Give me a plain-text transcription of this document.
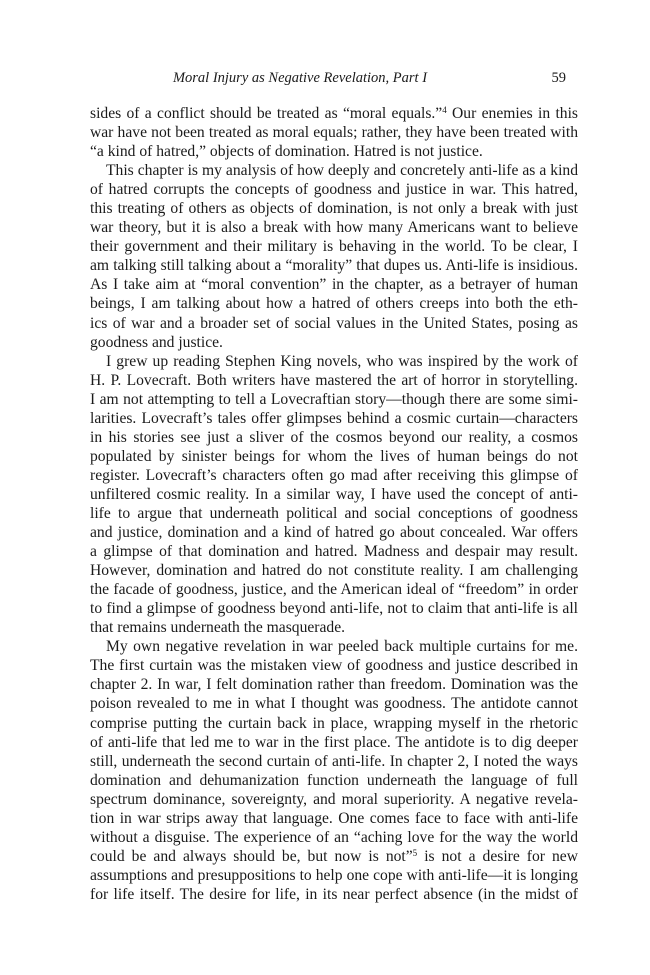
Moral Injury as Negative Revelation, Part I	59
sides of a conflict should be treated as “moral equals.”$^4$ Our enemies in this
war have not been treated as moral equals; rather, they have been treated with
“a kind of hatred,” objects of domination. Hatred is not justice.
This chapter is my analysis of how deeply and concretely anti-life as a kind
of hatred corrupts the concepts of goodness and justice in war. This hatred,
this treating of others as objects of domination, is not only a break with just
war theory, but it is also a break with how many Americans want to believe
their government and their military is behaving in the world. To be clear, I
am talking still talking about a “morality” that dupes us. Anti-life is insidious.
As I take aim at “moral convention” in the chapter, as a betrayer of human
beings, I am talking about how a hatred of others creeps into both the eth-
ics of war and a broader set of social values in the United States, posing as
goodness and justice.
I grew up reading Stephen King novels, who was inspired by the work of
H. P. Lovecraft. Both writers have mastered the art of horror in storytelling.
I am not attempting to tell a Lovecraftian story—though there are some simi-
larities. Lovecraft’s tales offer glimpses behind a cosmic curtain—characters
in his stories see just a sliver of the cosmos beyond our reality, a cosmos
populated by sinister beings for whom the lives of human beings do not
register. Lovecraft’s characters often go mad after receiving this glimpse of
unfiltered cosmic reality. In a similar way, I have used the concept of anti-
life to argue that underneath political and social conceptions of goodness
and justice, domination and a kind of hatred go about concealed. War offers
a glimpse of that domination and hatred. Madness and despair may result.
However, domination and hatred do not constitute reality. I am challenging
the facade of goodness, justice, and the American ideal of “freedom” in order
to find a glimpse of goodness beyond anti-life, not to claim that anti-life is all
that remains underneath the masquerade.
My own negative revelation in war peeled back multiple curtains for me.
The first curtain was the mistaken view of goodness and justice described in
chapter 2. In war, I felt domination rather than freedom. Domination was the
poison revealed to me in what I thought was goodness. The antidote cannot
comprise putting the curtain back in place, wrapping myself in the rhetoric
of anti-life that led me to war in the first place. The antidote is to dig deeper
still, underneath the second curtain of anti-life. In chapter 2, I noted the ways
domination and dehumanization function underneath the language of full
spectrum dominance, sovereignty, and moral superiority. A negative revela-
tion in war strips away that language. One comes face to face with anti-life
without a disguise. The experience of an “aching love for the way the world
could be and always should be, but now is not”$^5$ is not a desire for new
assumptions and presuppositions to help one cope with anti-life—it is longing
for life itself. The desire for life, in its near perfect absence (in the midst of
